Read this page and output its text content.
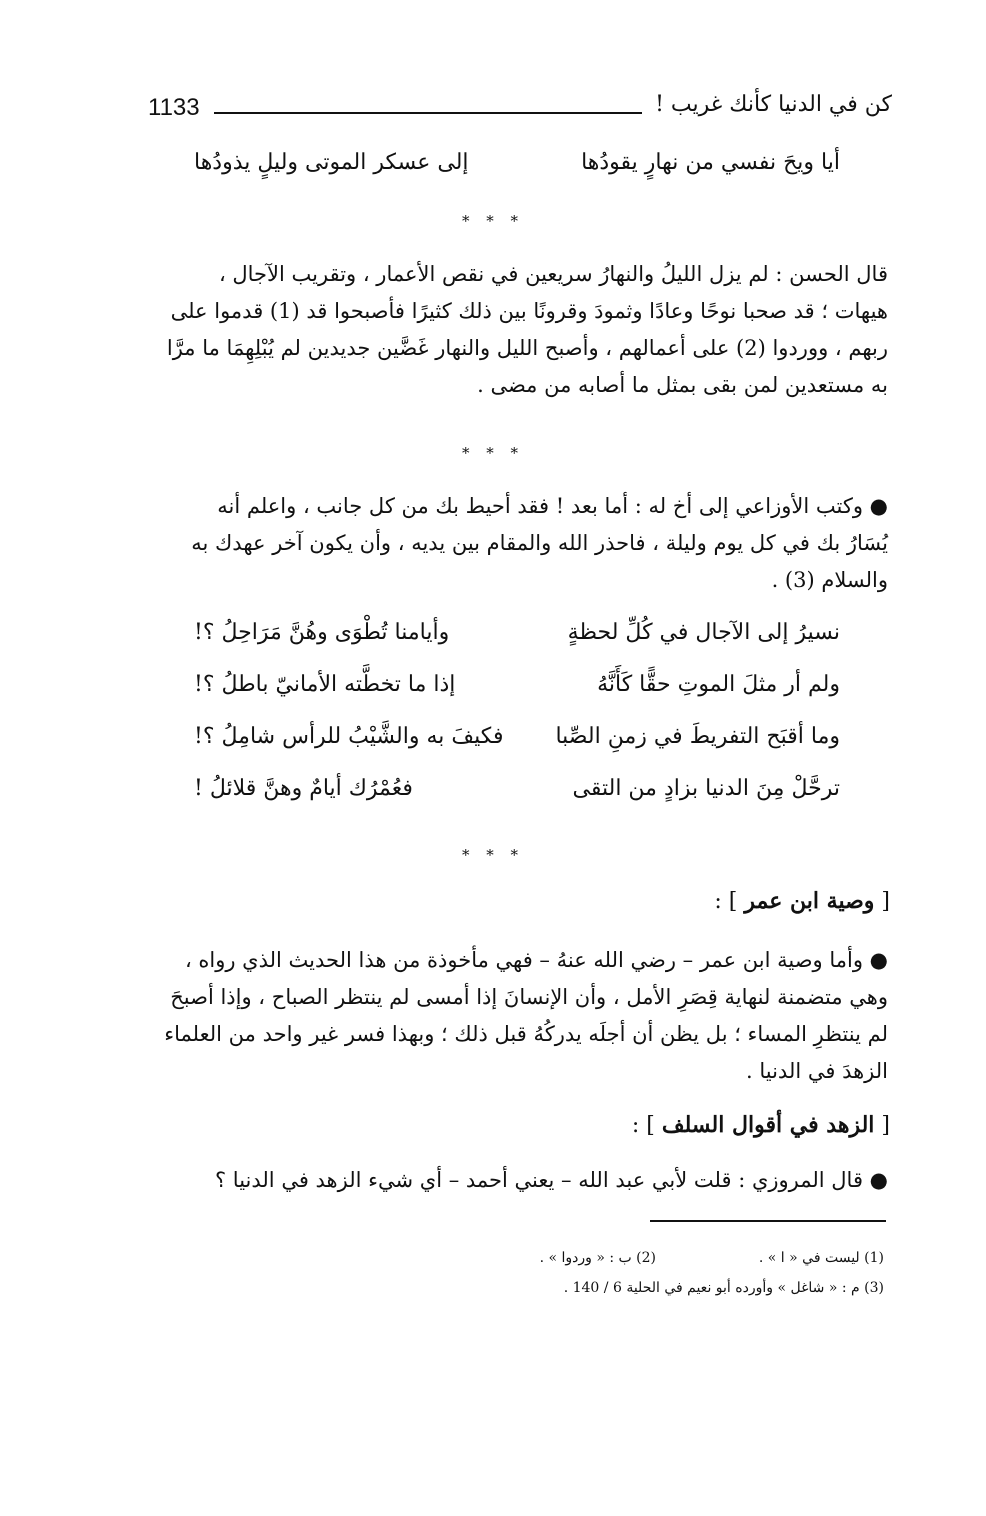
1133	كن في الدنيا كأنك غريب !
أيا ويحَ نفسي من نهارٍ يقودُها
إلى عسكر الموتى وليلٍ يذودُها
* * *
قال الحسن : لم يزل الليلُ والنهارُ سريعين في نقص الأعمار ، وتقريب الآجال ،
هيهات ؛ قد صحبا نوحًا وعادًا وثمودَ وقرونًا بين ذلك كثيرًا فأصبحوا قد (1) قدموا على
ربهم ، ووردوا (2) على أعمالهم ، وأصبح الليل والنهار غَضَّين جديدين لم يُبْلِهِمَا ما مرَّا
به مستعدين لمن بقى بمثل ما أصابه من مضى .
* * *
● وكتب الأوزاعي إلى أخ له : أما بعد ! فقد أحيط بك من كل جانب ، واعلم أنه
يُسَارُ بك في كل يوم وليلة ، فاحذر الله والمقام بين يديه ، وأن يكون آخر عهدك به
والسلام (3) .
نسيرُ إلى الآجال في كُلِّ لحظةٍ
وأيامنا تُطْوَى وهُنَّ مَرَاحِلُ ؟!
ولم أر مثلَ الموتِ حقًّا كَأَنَّهُ
إذا ما تخطَّته الأمانيّ باطلُ ؟!
وما أقبَح التفريطَ في زمنِ الصِّبا
فكيفَ به والشَّيْبُ للرأس شامِلُ ؟!
ترحَّلْ مِنَ الدنيا بزادٍ من التقى
فعُمْرُك أيامٌ وهنَّ قلائلُ !
* * *
[ وصية ابن عمر ] :
● وأما وصية ابن عمر – رضي الله عنهُ – فهي مأخوذة من هذا الحديث الذي رواه ،
وهي متضمنة لنهاية قِصَرِ الأمل ، وأن الإنسانَ إذا أمسى لم ينتظر الصباح ، وإذا أصبحَ
لم ينتظرِ المساء ؛ بل يظن أن أجلَه يدركُهُ قبل ذلك ؛ وبهذا فسر غير واحد من العلماء
الزهدَ في الدنيا .
[ الزهد في أقوال السلف ] :
● قال المروزي : قلت لأبي عبد الله – يعني أحمد – أي شيء الزهد في الدنيا ؟
(1) ليست في « ا » .
(2) ب : « وردوا » .
(3) م : « شاغل » وأورده أبو نعيم في الحلية 6 / 140 .
